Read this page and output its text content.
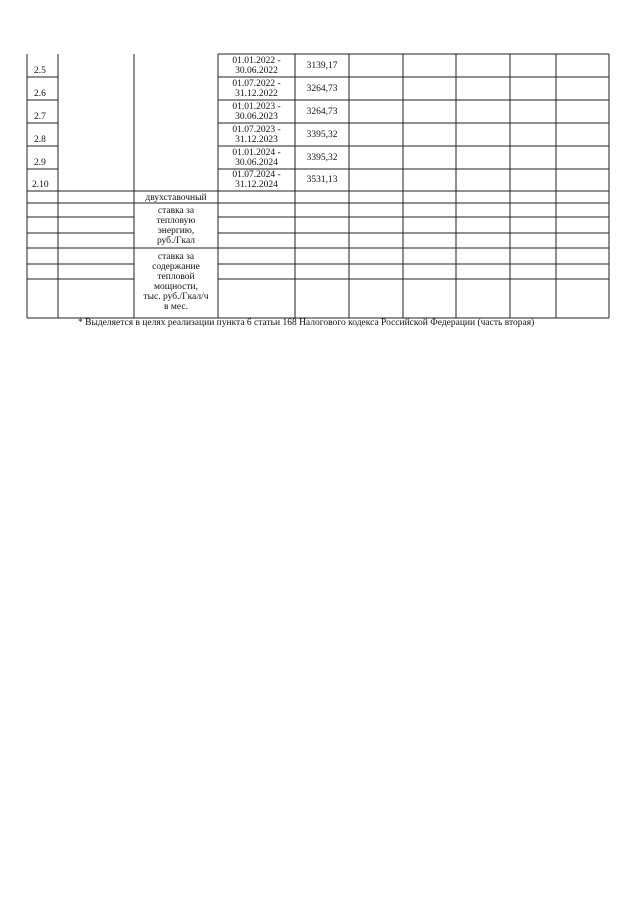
2.5
2.6
2.7
2.8
2.9
2.10
01.01.2022 -
30.06.2022
01.07.2022 -
31.12.2022
01.01.2023 -
30.06.2023
01.07.2023 -
31.12.2023
01.01.2024 -
30.06.2024
01.07.2024 -
31.12.2024
3139,17
3264,73
3264,73
3395,32
3395,32
3531,13
двухставочный
ставка за
тепловую
энергию,
руб./Гкал
ставка за
содержание
тепловой
мощности,
тыс. руб./Гкал/ч
в мес.
* Выделяется в целях реализации пункта 6 статьи 168 Налогового кодекса Российской Федерации (часть вторая)
